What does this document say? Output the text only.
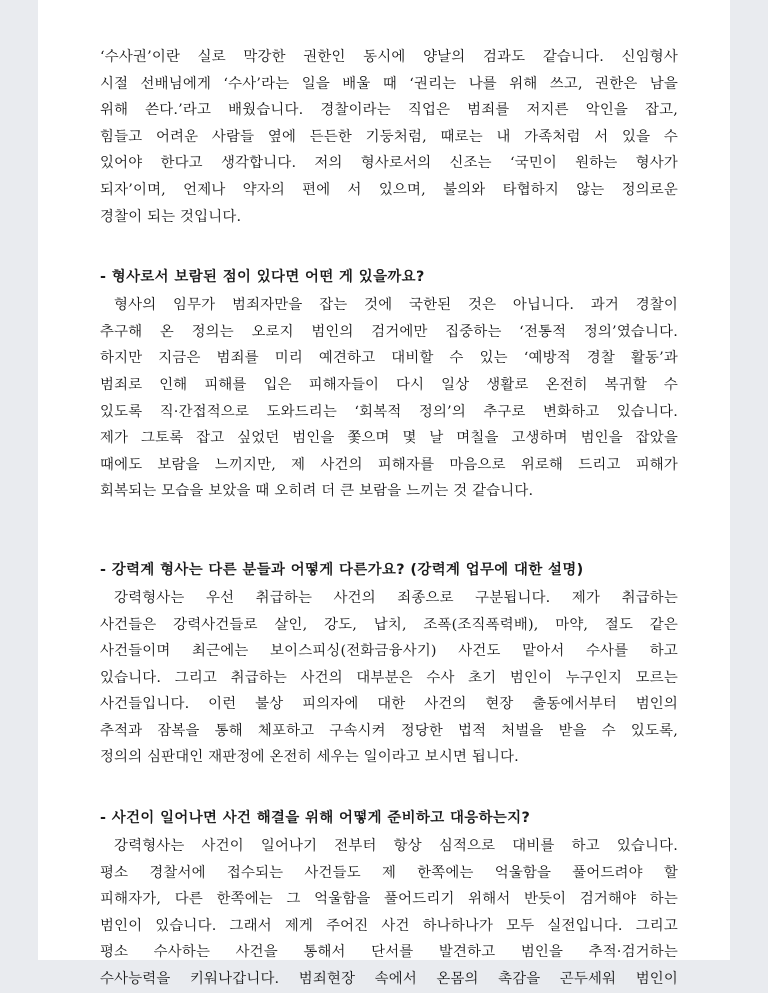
‘수사권’이란 실로 막강한 권한인 동시에 양날의 검과도 같습니다. 신임형사
시절 선배님에게 ‘수사’라는 일을 배울 때 ‘권리는 나를 위해 쓰고, 권한은 남을
위해 쓴다.’라고 배웠습니다. 경찰이라는 직업은 범죄를 저지른 악인을 잡고,
힘들고 어려운 사람들 옆에 든든한 기둥처럼, 때로는 내 가족처럼 서 있을 수
있어야 한다고 생각합니다. 저의 형사로서의 신조는 ‘국민이 원하는 형사가
되자’이며, 언제나 약자의 편에 서 있으며, 불의와 타협하지 않는 정의로운
경찰이 되는 것입니다.

- 형사로서 보람된 점이 있다면 어떤 게 있을까요?

형사의 임무가 범죄자만을 잡는 것에 국한된 것은 아닙니다. 과거 경찰이
추구해 온 정의는 오로지 범인의 검거에만 집중하는 ‘전통적 정의’였습니다.
하지만 지금은 범죄를 미리 예견하고 대비할 수 있는 ‘예방적 경찰 활동’과
범죄로 인해 피해를 입은 피해자들이 다시 일상 생활로 온전히 복귀할 수
있도록 직·간접적으로 도와드리는 ‘회복적 정의’의 추구로 변화하고 있습니다.
제가 그토록 잡고 싶었던 범인을 쫓으며 몇 날 며칠을 고생하며 범인을 잡았을
때에도 보람을 느끼지만, 제 사건의 피해자를 마음으로 위로해 드리고 피해가
회복되는 모습을 보았을 때 오히려 더 큰 보람을 느끼는 것 같습니다.

- 강력계 형사는 다른 분들과 어떻게 다른가요? (강력계 업무에 대한 설명)

강력형사는 우선 취급하는 사건의 죄종으로 구분됩니다. 제가 취급하는
사건들은 강력사건들로 살인, 강도, 납치, 조폭(조직폭력배), 마약, 절도 같은
사건들이며 최근에는 보이스피싱(전화금융사기) 사건도 맡아서 수사를 하고
있습니다. 그리고 취급하는 사건의 대부분은 수사 초기 범인이 누구인지 모르는
사건들입니다. 이런 불상 피의자에 대한 사건의 현장 출동에서부터 범인의
추적과 잠복을 통해 체포하고 구속시켜 정당한 법적 처벌을 받을 수 있도록,
정의의 심판대인 재판정에 온전히 세우는 일이라고 보시면 됩니다.

- 사건이 일어나면 사건 해결을 위해 어떻게 준비하고 대응하는지?

강력형사는 사건이 일어나기 전부터 항상 심적으로 대비를 하고 있습니다.
평소 경찰서에 접수되는 사건들도 제 한쪽에는 억울함을 풀어드려야 할
피해자가, 다른 한쪽에는 그 억울함을 풀어드리기 위해서 반듯이 검거해야 하는
범인이 있습니다. 그래서 제게 주어진 사건 하나하나가 모두 실전입니다. 그리고
평소 수사하는 사건을 통해서 단서를 발견하고 범인을 추적·검거하는
수사능력을 키워나갑니다. 범죄현장 속에서 온몸의 촉감을 곤두세워 범인이
